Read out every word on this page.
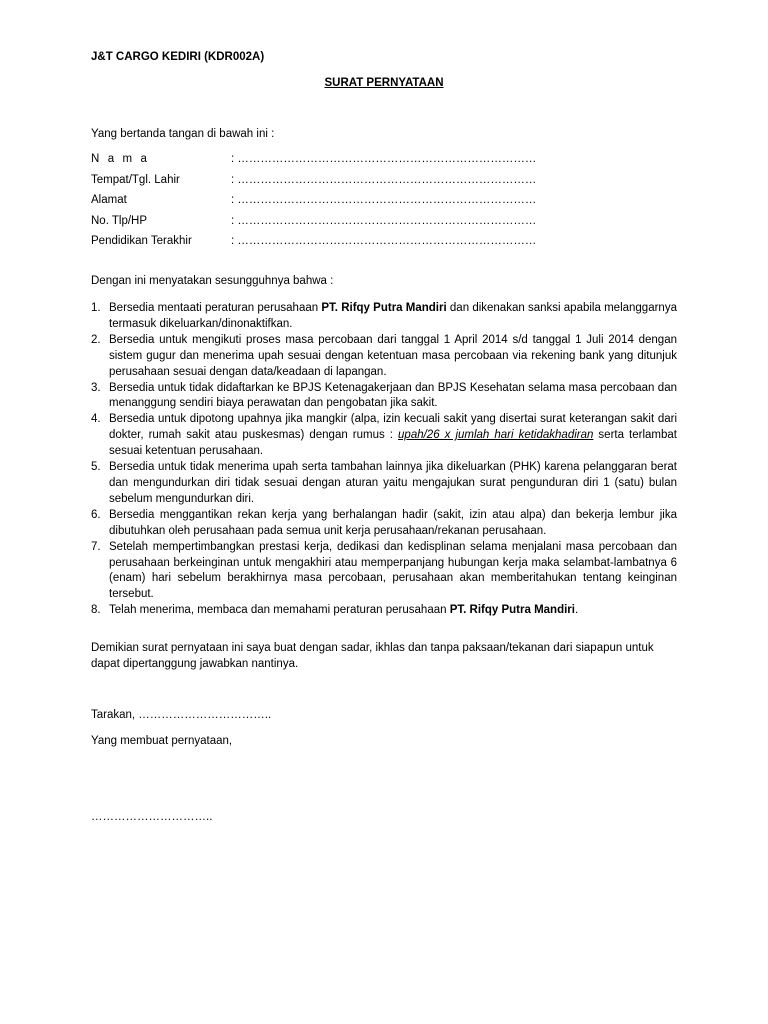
J&T CARGO KEDIRI (KDR002A)
SURAT PERNYATAAN
Yang bertanda tangan di bawah ini :
N a m a	: ……………………………………………………………………
Tempat/Tgl. Lahir	: ……………………………………………………………………
Alamat	: ……………………………………………………………………
No. Tlp/HP	: ……………………………………………………………………
Pendidikan Terakhir	: ……………………………………………………………………
Dengan ini menyatakan sesungguhnya bahwa :
1. Bersedia mentaati peraturan perusahaan PT. Rifqy Putra Mandiri dan dikenakan sanksi apabila melanggarnya termasuk dikeluarkan/dinonaktifkan.
2. Bersedia untuk mengikuti proses masa percobaan dari tanggal 1 April 2014 s/d tanggal 1 Juli 2014 dengan sistem gugur dan menerima upah sesuai dengan ketentuan masa percobaan via rekening bank yang ditunjuk perusahaan sesuai dengan data/keadaan di lapangan.
3. Bersedia untuk tidak didaftarkan ke BPJS Ketenagakerjaan dan BPJS Kesehatan selama masa percobaan dan menanggung sendiri biaya perawatan dan pengobatan jika sakit.
4. Bersedia untuk dipotong upahnya jika mangkir (alpa, izin kecuali sakit yang disertai surat keterangan sakit dari dokter, rumah sakit atau puskesmas) dengan rumus : upah/26 x jumlah hari ketidakhadiran serta terlambat sesuai ketentuan perusahaan.
5. Bersedia untuk tidak menerima upah serta tambahan lainnya jika dikeluarkan (PHK) karena pelanggaran berat dan mengundurkan diri tidak sesuai dengan aturan yaitu mengajukan surat pengunduran diri 1 (satu) bulan sebelum mengundurkan diri.
6. Bersedia menggantikan rekan kerja yang berhalangan hadir (sakit, izin atau alpa) dan bekerja lembur jika dibutuhkan oleh perusahaan pada semua unit kerja perusahaan/rekanan perusahaan.
7. Setelah mempertimbangkan prestasi kerja, dedikasi dan kedisplinan selama menjalani masa percobaan dan perusahaan berkeinginan untuk mengakhiri atau memperpanjang hubungan kerja maka selambat-lambatnya 6 (enam) hari sebelum berakhirnya masa percobaan, perusahaan akan memberitahukan tentang keinginan tersebut.
8. Telah menerima, membaca dan memahami peraturan perusahaan PT. Rifqy Putra Mandiri.
Demikian surat pernyataan ini saya buat dengan sadar, ikhlas dan tanpa paksaan/tekanan dari siapapun untuk dapat dipertanggung jawabkan nantinya.
Tarakan, ……………………………..
Yang membuat pernyataan,
…………………………..
